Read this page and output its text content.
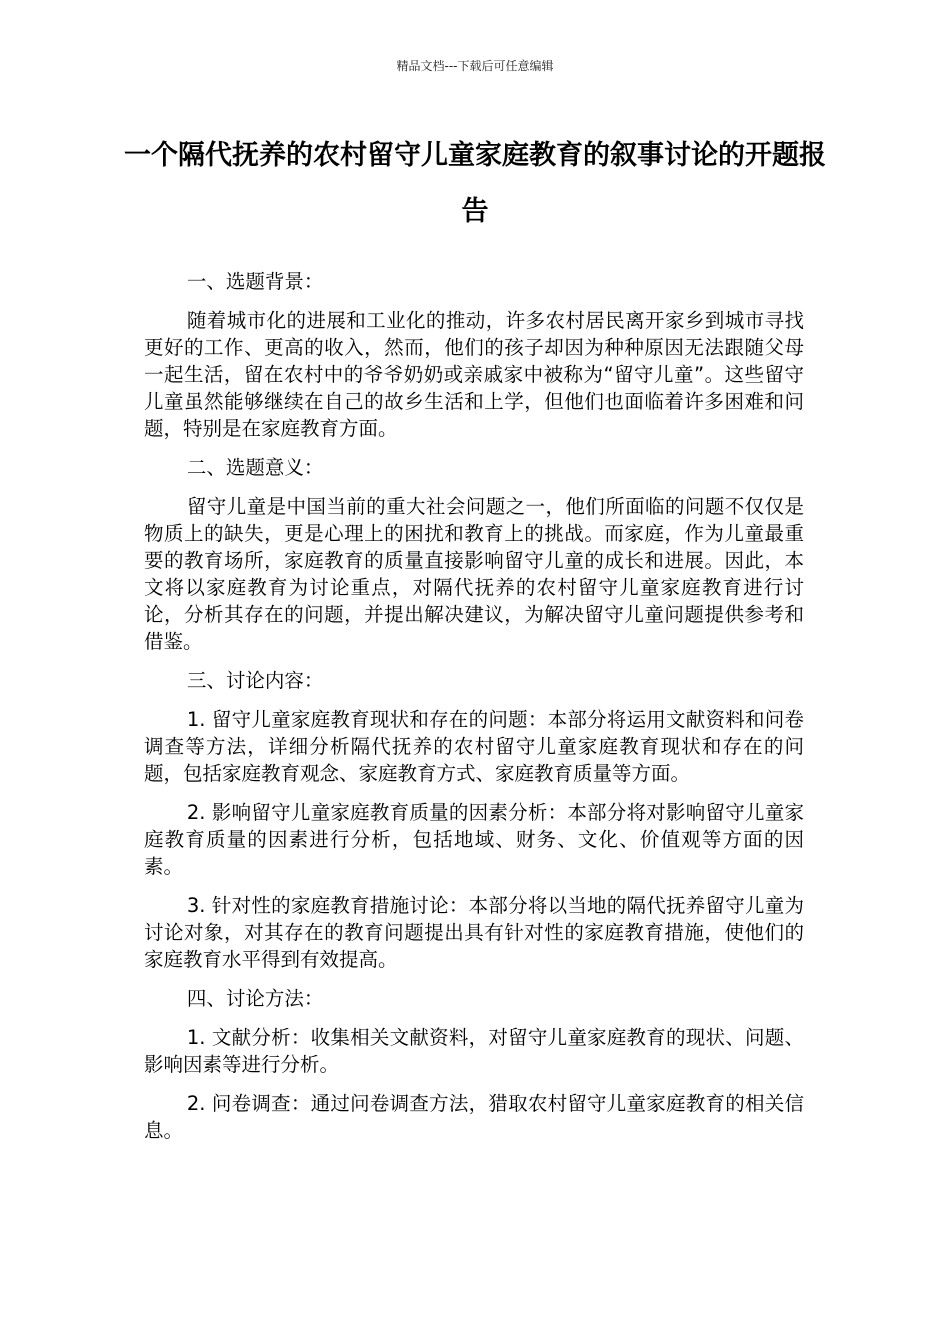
精品文档---下载后可任意编辑
一个隔代抚养的农村留守儿童家庭教育的叙事讨论的开题报告

一、选题背景：

随着城市化的进展和工业化的推动，许多农村居民离开家乡到城市寻找更好的工作、更高的收入，然而，他们的孩子却因为种种原因无法跟随父母一起生活，留在农村中的爷爷奶奶或亲戚家中被称为“留守儿童”。这些留守儿童虽然能够继续在自己的故乡生活和上学，但他们也面临着许多困难和问题，特别是在家庭教育方面。

二、选题意义：

留守儿童是中国当前的重大社会问题之一，他们所面临的问题不仅仅是物质上的缺失，更是心理上的困扰和教育上的挑战。而家庭，作为儿童最重要的教育场所，家庭教育的质量直接影响留守儿童的成长和进展。因此，本文将以家庭教育为讨论重点，对隔代抚养的农村留守儿童家庭教育进行讨论，分析其存在的问题，并提出解决建议，为解决留守儿童问题提供参考和借鉴。

三、讨论内容：

1. 留守儿童家庭教育现状和存在的问题：本部分将运用文献资料和问卷调查等方法，详细分析隔代抚养的农村留守儿童家庭教育现状和存在的问题，包括家庭教育观念、家庭教育方式、家庭教育质量等方面。

2. 影响留守儿童家庭教育质量的因素分析：本部分将对影响留守儿童家庭教育质量的因素进行分析，包括地域、财务、文化、价值观等方面的因素。

3. 针对性的家庭教育措施讨论：本部分将以当地的隔代抚养留守儿童为讨论对象，对其存在的教育问题提出具有针对性的家庭教育措施，使他们的家庭教育水平得到有效提高。

四、讨论方法：

1. 文献分析：收集相关文献资料，对留守儿童家庭教育的现状、问题、影响因素等进行分析。

2. 问卷调查：通过问卷调查方法，猎取农村留守儿童家庭教育的相关信息。
